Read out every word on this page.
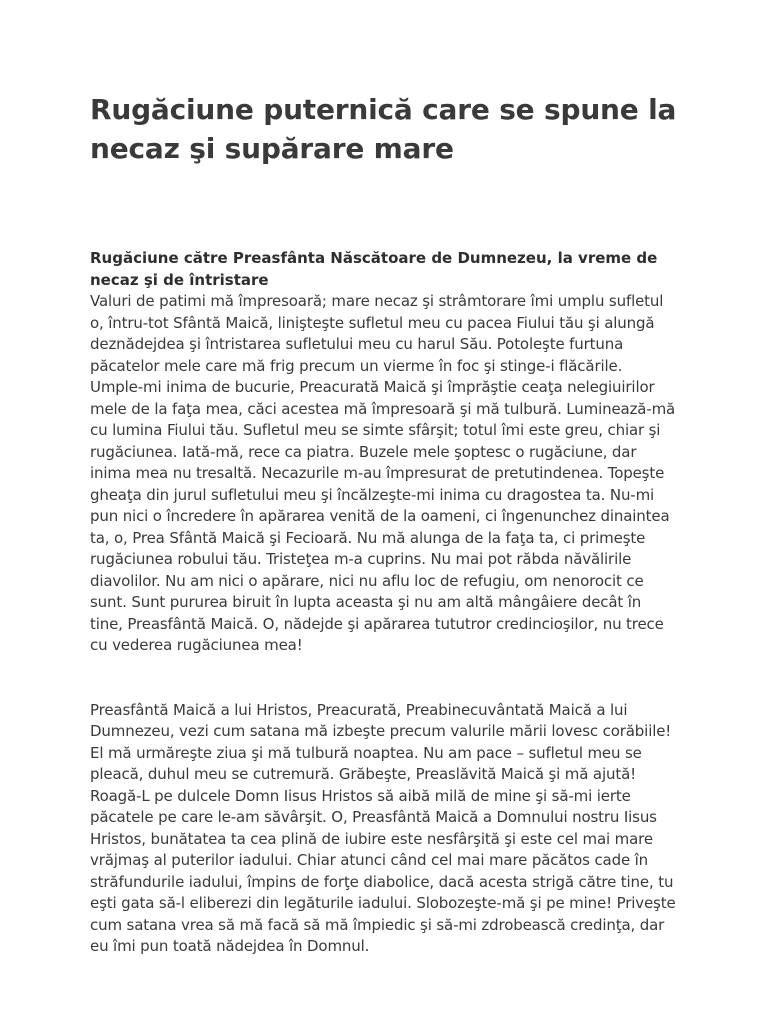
Rugăciune puternică care se spune la necaz şi supărare mare
Rugăciune către Preasfânta Născătoare de Dumnezeu, la vreme de necaz şi de întristare

Valuri de patimi mă împresoară; mare necaz şi strâmtorare îmi umplu sufletul o, întru-tot Sfântă Maică, linişteşte sufletul meu cu pacea Fiului tău şi alungă deznădejdea şi întristarea sufletului meu cu harul Său. Potoleşte furtuna păcatelor mele care mă frig precum un vierme în foc şi stinge-i flăcările. Umple-mi inima de bucurie, Preacurată Maică şi împrăştie ceaţa nelegiuirilor mele de la faţa mea, căci acestea mă împresoară şi mă tulbură. Luminează-mă cu lumina Fiului tău. Sufletul meu se simte sfârşit; totul îmi este greu, chiar şi rugăciunea. Iată-mă, rece ca piatra. Buzele mele şoptesc o rugăciune, dar inima mea nu tresaltă. Necazurile m-au împresurat de pretutindenea. Topeşte gheaţa din jurul sufletului meu şi încălzeşte-mi inima cu dragostea ta. Nu-mi pun nici o încredere în apărarea venită de la oameni, ci îngenunchez dinaintea ta, o, Prea Sfântă Maică şi Fecioară. Nu mă alunga de la faţa ta, ci primeşte rugăciunea robului tău. Tristeţea m-a cuprins. Nu mai pot răbda năvălirile diavolilor. Nu am nici o apărare, nici nu aflu loc de refugiu, om nenorocit ce sunt. Sunt pururea biruit în lupta aceasta şi nu am altă mângâiere decât în tine, Preasfântă Maică. O, nădejde şi apărarea tututror credincioşilor, nu trece cu vederea rugăciunea mea!

Preasfântă Maică a lui Hristos, Preacurată, Preabinecuvântată Maică a lui Dumnezeu, vezi cum satana mă izbeşte precum valurile mării lovesc corăbiile! El mă urmăreşte ziua şi mă tulbură noaptea. Nu am pace – sufletul meu se pleacă, duhul meu se cutremură. Grăbeşte, Preaslăvită Maică şi mă ajută! Roagă-L pe dulcele Domn Iisus Hristos să aibă milă de mine şi să-mi ierte păcatele pe care le-am săvârşit. O, Preasfântă Maică a Domnului nostru Iisus Hristos, bunătatea ta cea plină de iubire este nesfârşită şi este cel mai mare vrăjmaş al puterilor iadului. Chiar atunci când cel mai mare păcătos cade în străfundurile iadului, împins de forţe diabolice, dacă acesta strigă către tine, tu eşti gata să-l eliberezi din legăturile iadului. Slobozeşte-mă şi pe mine! Priveşte cum satana vrea să mă facă să mă împiedic şi să-mi zdrobească credinţa, dar eu îmi pun toată nădejdea în Domnul.
